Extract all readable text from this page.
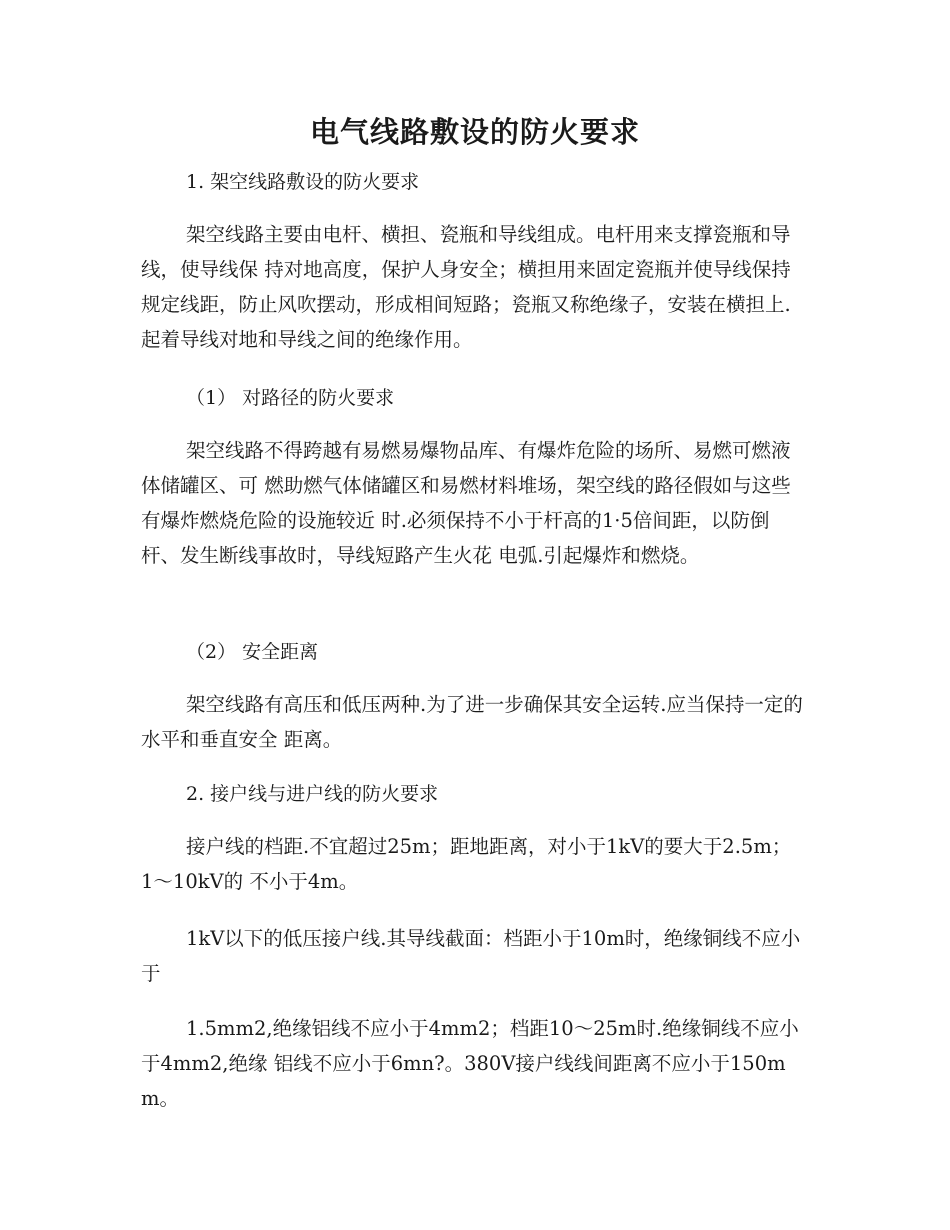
电气线路敷设的防火要求

1. 架空线路敷设的防火要求

架空线路主要由电杆、横担、瓷瓶和导线组成。电杆用来支撑瓷瓶和导线，使导线保 持对地高度，保护人身安全；横担用来固定瓷瓶并使导线保持规定线距，防止风吹摆动，形成相间短路；瓷瓶又称绝缘子，安装在横担上.起着导线对地和导线之间的绝缘作用。

（1） 对路径的防火要求

架空线路不得跨越有易燃易爆物品库、有爆炸危险的场所、易燃可燃液体储罐区、可 燃助燃气体储罐区和易燃材料堆场，架空线的路径假如与这些有爆炸燃烧危险的设施较近 时.必须保持不小于杆高的1·5倍间距，以防倒杆、发生断线事故时，导线短路产生火花 电弧.引起爆炸和燃烧。

（2） 安全距离

架空线路有高压和低压两种.为了进一步确保其安全运转.应当保持一定的水平和垂直安全 距离。

2. 接户线与进户线的防火要求

接户线的档距.不宜超过25m；距地距离，对小于1kV的要大于2.5m；1〜10kV的 不小于4m。

1kV以下的低压接户线.其导线截面：档距小于10m时，绝缘铜线不应小于

1.5mm2,绝缘铝线不应小于4mm2；档距10〜25m时.绝缘铜线不应小于4mm2,绝缘 铝线不应小于6mn?。380V接户线线间距离不应小于150mm。
